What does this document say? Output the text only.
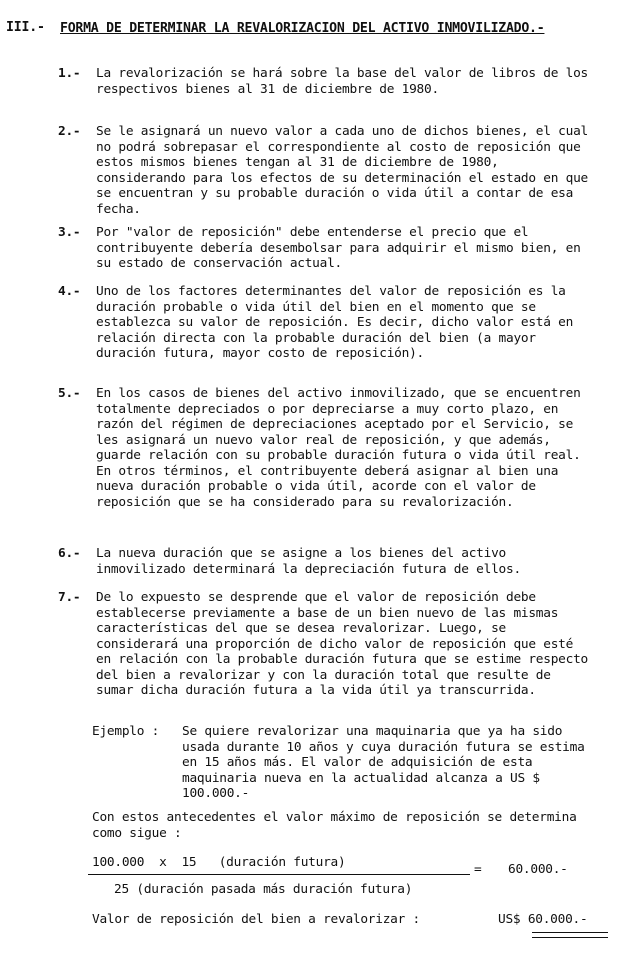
III.- FORMA DE DETERMINAR LA REVALORIZACION DEL ACTIVO INMOVILIZADO.-
1.- La revalorización se hará sobre la base del valor de libros de los respectivos bienes al 31 de diciembre de 1980.
2.- Se le asignará un nuevo valor a cada uno de dichos bienes, el cual no podrá sobrepasar el correspondiente al costo de reposición que estos mismos bienes tengan al 31 de diciembre de 1980, considerando para los efectos de su determinación el estado en que se encuentran y su probable duración o vida útil a contar de esa fecha.
3.- Por "valor de reposición" debe entenderse el precio que el contribuyente debería desembolsar para adquirir el mismo bien, en su estado de conservación actual.
4.- Uno de los factores determinantes del valor de reposición es la duración probable o vida útil del bien en el momento que se establezca su valor de reposición. Es decir, dicho valor está en relación directa con la probable duración del bien (a mayor duración futura, mayor costo de reposición).
5.- En los casos de bienes del activo inmovilizado, que se encuentren totalmente depreciados o por depreciarse a muy corto plazo, en razón del régimen de depreciaciones aceptado por el Servicio, se les asignará un nuevo valor real de reposición, y que además, guarde relación con su probable duración futura o vida útil real. En otros términos, el contribuyente deberá asignar al bien una nueva duración probable o vida útil, acorde con el valor de reposición que se ha considerado para su revalorización.
6.- La nueva duración que se asigne a los bienes del activo inmovilizado determinará la depreciación futura de ellos.
7.- De lo expuesto se desprende que el valor de reposición debe establecerse previamente a base de un bien nuevo de las mismas características del que se desea revalorizar. Luego, se considerará una proporción de dicho valor de reposición que esté en relación con la probable duración futura que se estime respecto del bien a revalorizar y con la duración total que resulte de sumar dicha duración futura a la vida útil ya transcurrida.
Ejemplo : Se quiere revalorizar una maquinaria que ya ha sido usada durante 10 años y cuya duración futura se estima en 15 años más. El valor de adquisición de esta maquinaria nueva en la actualidad alcanza a US $ 100.000.-
Con estos antecedentes el valor máximo de reposición se determina como sigue :
100.000  x  15   (duración futura)	= 60.000.-
25 (duración pasada más duración futura)
Valor de reposición del bien a revalorizar :	US$ 60.000.-
